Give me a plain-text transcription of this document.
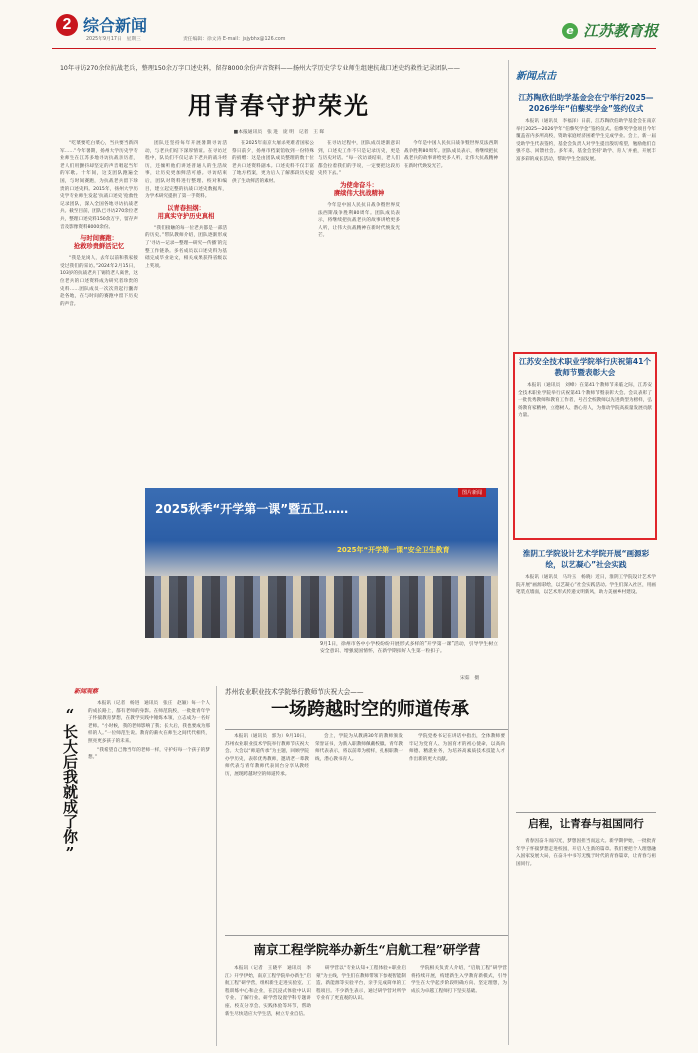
2 综合新闻
2025年9月17日　星期三	责任编辑：徐文涛 E-mail：jsjybhx@126.com
e 江苏教育报
10年寻访270余位抗战老兵，整理150余万字口述史料，留存8000余份声音资料——扬州大学历史学专业师生组建抗战口述史约救性记录团队——
用青春守护荣光
■本报通讯员　张 进　庞 明　记者　王 晖

“吃菜要吃白菜心，当兵要当新四军……”今年暑期，扬州大学历史学专业师生在江苏多地寻访抗战亲历者，老人们用颤抖却坚定的声音唱起当年的军歌。十年间，这支团队跑遍全国，与时间赛跑，为抗战老兵留下珍贵的口述史料。2015年，扬州大学历史学专业师生发起‘抗战口述史’抢救性记录团队，深入全国各地寻访抗战老兵。截至目前，团队已寻访270余位老兵，整理口述史料150余万字，留存声音及影像资料8000余份。

与时间赛跑：
抢救珍贵鲜活记忆

“我是龙岗人，去年以前和我家接受过我们的采访。”2024年2月15日，103岁的抗战老兵丁锡钧老人离世，这位老兵的口述资料成为研究者珍贵的史料……团队成员一次次背起行囊奔赴各地，在与时间的赛跑中留下历史的声音。

团队还坚持每年开展暑期寻访活动，与老兵们结下深厚情谊。在寻访过程中，队员们不仅记录下老兵的战斗经历，还倾听他们讲述普通人的生活故事，让历史更加鲜活可感。寻访结束后，团队对资料进行整理、校对和编目，建立起完整的抗战口述史数据库，为学术研究提供了第一手资料。

以青春担纲：
用真实守护历史真相

“我们接触的每一位老兵都是一部活的历史。”带队教师介绍，团队逐渐形成了‘寻访—记录—整理—研究—传播’的完整工作链条。多名成员以口述史料为基础完成毕业论文，相关成果获得省级以上奖项。

在2025年南京大屠杀死难者国家公祭日前夕，扬州市档案馆收到一份特殊的捐赠：这是由团队成员整理的数十位老兵口述资料副本。口述史料不仅丰富了地方档案，更为后人了解那段历史提供了生动鲜活的素材。

在寻访过程中，团队成员逐渐意识到，口述史工作不只是记录历史，更是与历史对话。“每一次访谈结束，老人们都会拉着我们的手说，一定要把这段历史传下去。”

为使命奋斗：
赓续伟大抗战精神

今年是中国人民抗日战争暨世界反法西斯战争胜利80周年。团队成员表示，将继续把抗战老兵的故事讲给更多人听，让伟大抗战精神在新时代焕发光芒。

今年是中国人民抗日战争暨世界反法西斯战争胜利80周年。团队成员表示，将继续把抗战老兵的故事讲给更多人听，让伟大抗战精神在新时代焕发光芒。

图片新闻
2025秋季“开学第一课”暨五卫……
2025年“开学第一课”安全卫生教育
9月1日，徐州市各中小学校纷纷开展形式多样的“开学第一课”活动，引导学生树立安全意识、增强爱国情怀，在新学期扣好人生第一粒扣子。
宋茹　摄
新闻观察
“长大后我就成了你”

本报讯（记者　杨进　通讯员　张庄　赵颖）每一个人的成长路上，都有老师的身影。在师范院校，一批批青年学子怀揣教育梦想，在教学实践中锤炼本领，立志成为一名好老师。“小时候，我的老师影响了我；长大后，我也要成为那样的人。”一位师范生说。教育的薪火在师生之间代代相传，照亮更多孩子的未来。

“我希望自己像当年的老师一样，守护好每一个孩子的梦想。”

苏州农业职业技术学院举行教师节庆祝大会——
一场跨越时空的师道传承

本报讯（通讯员　郭为）9月10日，苏州农业职业技术学院举行教师节庆祝大会。大会以“师道传承”为主题，回顾学院办学历史，表彰优秀教师，邀请老一辈教师代表与青年教师代表同台分享从教经历，展现跨越时空的师道传承。

会上，学院为从教满30年的教师颁发荣誉证书，为新入职教师佩戴校徽。青年教师代表表示，将以前辈为榜样，扎根职教一线，潜心教书育人。

学院党委书记在讲话中指出，全体教师要牢记为党育人、为国育才的初心使命，以高尚师德、精湛业务，为培养高素质技术技能人才作出新的更大贡献。

南京工程学院举办新生“启航工程”研学营

本报讯（记者　王晓平　通讯员　李　江）开学伊始，南京工程学院举办新生“启航工程”研学营，组织新生走进实验室、工程训练中心和企业，在沉浸式体验中认识专业、了解行业。研学营设置学科专题讲座、校友分享会、实践体验等环节，帮助新生尽快适应大学生活，树立专业自信。

研学营以“专业认知+工程体验+职业启蒙”为主线，学生们在教师带领下参观智能制造、新能源等实验平台，亲手完成简单的工程项目。不少新生表示，通过研学营对所学专业有了更直观的认识。

学院相关负责人介绍，“启航工程”研学营将持续开展，构建新生入学教育新模式，引导学生在大学起步阶段明确方向、坚定理想，为成长为卓越工程师打下坚实基础。

新闻点击
江苏陶欣伯助学基金会在宁举行2025—2026学年“伯藜奖学金”签约仪式
本报讯（通讯员　李福泽）日前，江苏陶欣伯助学基金会在南京举行2025—2026学年“伯藜奖学金”签约仪式。伯藜奖学金项目今年覆盖省内多所高校，资助家庭经济困难学生完成学业。会上，新一届受助学生代表签约，基金会负责人对学生提出殷切希望，勉励他们自强不息、回馈社会。多年来，基金会坚持‘助学、育人’并重，开展丰富多彩的成长活动，帮助学生全面发展。
江苏安全技术职业学院举行庆祝第41个教师节暨表彰大会
本报讯（通讯员　刘峰）在第41个教师节来临之际，江苏安全技术职业学院举行庆祝第41个教师节暨表彰大会。会议表彰了一批优秀教师和教育工作者，号召全校教师以先进典型为榜样，弘扬教育家精神，立德树人、潜心育人，为推动学院高质量发展贡献力量。
淮阴工学院设计艺术学院开展“画源彩绘，以艺凝心”社会实践
本报讯（通讯员　马玲玉　杨晓）近日，淮阴工学院设计艺术学院开展“画源彩绘，以艺凝心”社会实践活动。学生们深入社区，用画笔装点墙面，以艺术形式传递文明新风，助力美丽乡村建设。
启程，让青春与祖国同行
青春因奋斗而闪光，梦想因担当而远大。新学期伊始，一批批青年学子怀揣梦想走进校园，开启人生新的篇章。我们要把个人理想融入国家发展大局，在奋斗中书写无愧于时代的青春篇章，让青春与祖国同行。
